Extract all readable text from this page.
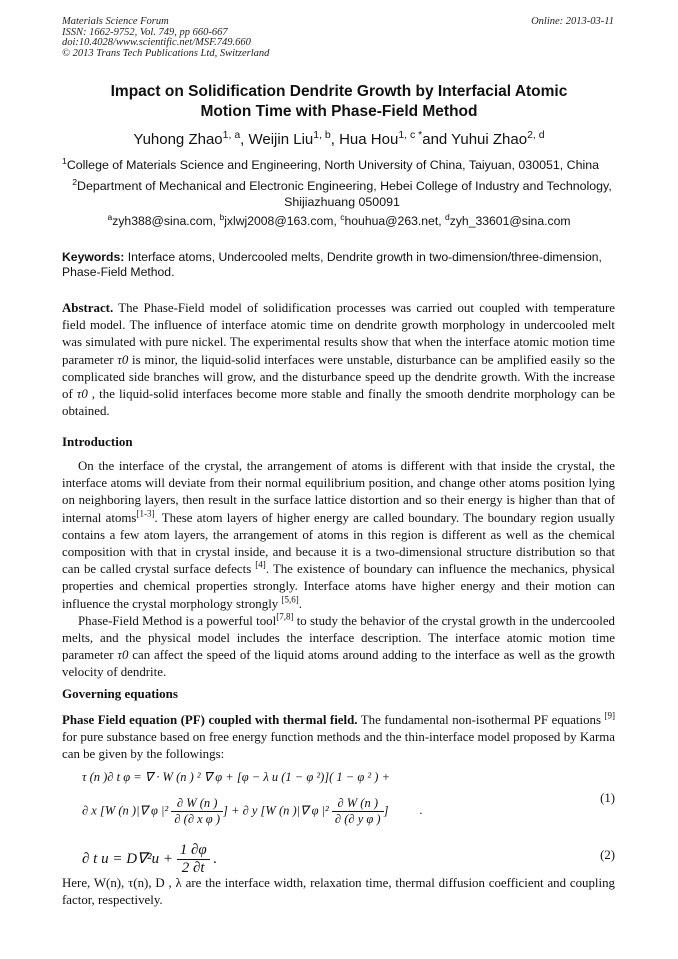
Materials Science Forum
ISSN: 1662-9752, Vol. 749, pp 660-667
doi:10.4028/www.scientific.net/MSF.749.660
© 2013 Trans Tech Publications Ltd, Switzerland
Online: 2013-03-11
Impact on Solidification Dendrite Growth by Interfacial Atomic
Motion Time with Phase-Field Method
Yuhong Zhao$^{1, a}$, Weijin Liu$^{1, b}$, Hua Hou$^{1, c *}$and Yuhui Zhao$^{2, d}$
$^1$College of Materials Science and Engineering, North University of China, Taiyuan, 030051, China
$^2$Department of Mechanical and Electronic Engineering, Hebei College of Industry and Technology, Shijiazhuang 050091
$^a$zyh388@sina.com, $^b$jxlwj2008@163.com, $^c$houhua@263.net, $^d$zyh_33601@sina.com
Keywords: Interface atoms, Undercooled melts, Dendrite growth in two-dimension/three-dimension, Phase-Field Method.
Abstract. The Phase-Field model of solidification processes was carried out coupled with temperature field model. The influence of interface atomic time on dendrite growth morphology in undercooled melt was simulated with pure nickel. The experimental results show that when the interface atomic motion time parameter τ0 is minor, the liquid-solid interfaces were unstable, disturbance can be amplified easily so the complicated side branches will grow, and the disturbance speed up the dendrite growth. With the increase of τ0 , the liquid-solid interfaces become more stable and finally the smooth dendrite morphology can be obtained.
Introduction

On the interface of the crystal, the arrangement of atoms is different with that inside the crystal, the interface atoms will deviate from their normal equilibrium position, and change other atoms position lying on neighboring layers, then result in the surface lattice distortion and so their energy is higher than that of internal atoms[1-3]. These atom layers of higher energy are called boundary. The boundary region usually contains a few atom layers, the arrangement of atoms in this region is different as well as the chemical composition with that in crystal inside, and because it is a two-dimensional structure distribution so that can be called crystal surface defects [4]. The existence of boundary can influence the mechanics, physical properties and chemical properties strongly. Interface atoms have higher energy and their motion can influence the crystal morphology strongly [5,6].

Phase-Field Method is a powerful tool[7,8] to study the behavior of the crystal growth in the undercooled melts, and the physical model includes the interface description. The interface atomic motion time parameter τ0 can affect the speed of the liquid atoms around adding to the interface as well as the growth velocity of dendrite.

Governing equations

Phase Field equation (PF) coupled with thermal field. The fundamental non-isothermal PF equations [9] for pure substance based on free energy function methods and the thin-interface model proposed by Karma can be given by the followings:

τ (n )∂ t φ = ∇ · W (n ) ² ∇ φ + [φ − λ u (1 − φ ²)]( 1 − φ ² ) +
∂ x [W (n )|∇ φ $|^2 \frac{\partial W (n )}{\text{∂ (∂ x φ )}}$ ] + ∂ y [W (n )|∇ φ $|^2 \frac{\partial W (n )}{\text{∂ (∂ y φ )}}$ ] .
(1)
∂ t $u = D\nabla^2u + \frac{1 \partial\varphi}{2 \partial t}$ .	(2)
Here, W(n), τ(n), D , λ are the interface width, relaxation time, thermal diffusion coefficient and coupling factor, respectively.
